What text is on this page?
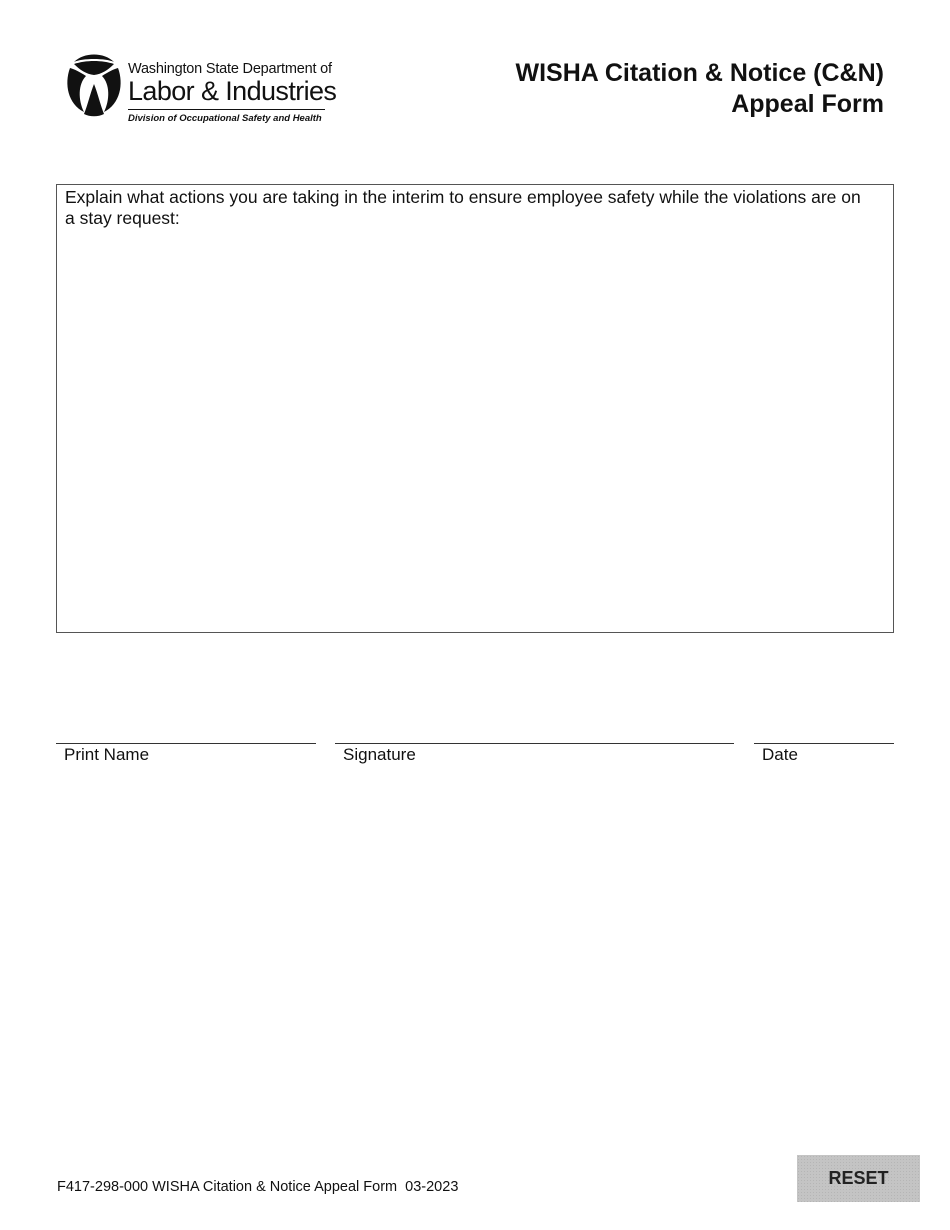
Washington State Department of
Labor & Industries
Division of Occupational Safety and Health
WISHA Citation & Notice (C&N)
Appeal Form
Explain what actions you are taking in the interim to ensure employee safety while the violations are on a stay request:
Print Name	Signature	Date
F417-298-000 WISHA Citation & Notice Appeal Form  03-2023	RESET
